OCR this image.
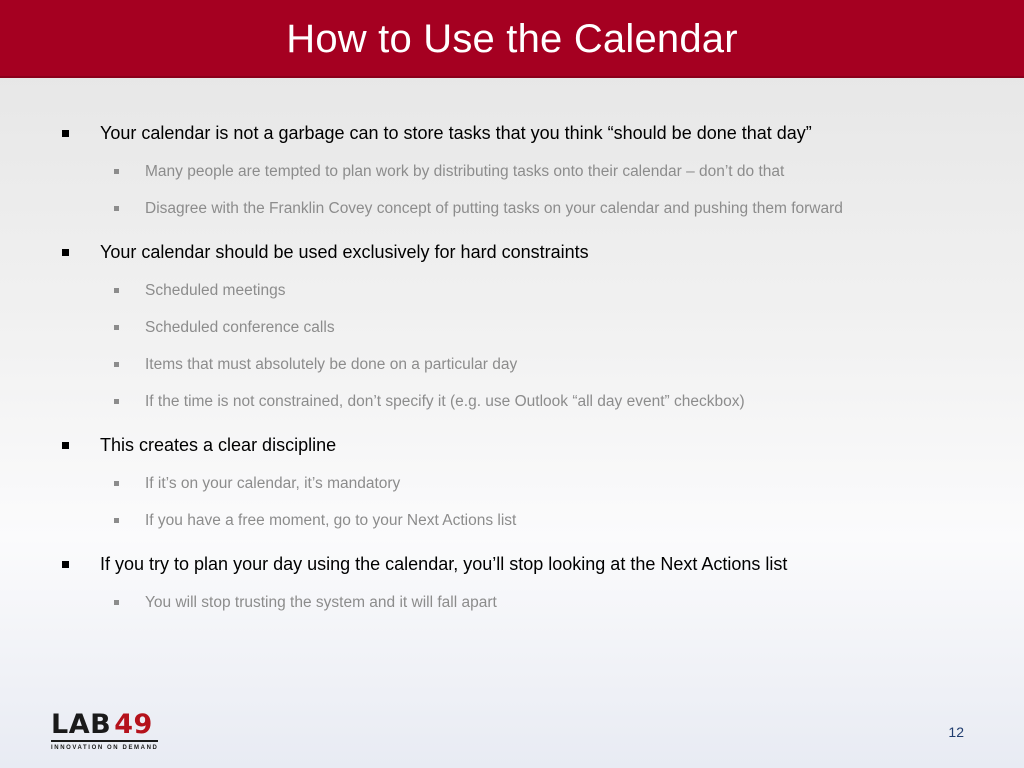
How to Use the Calendar
Your calendar is not a garbage can to store tasks that you think “should be done that day”
Many people are tempted to plan work by distributing tasks onto their calendar – don’t do that
Disagree with the Franklin Covey concept of putting tasks on your calendar and pushing them forward
Your calendar should be used exclusively for hard constraints
Scheduled meetings
Scheduled conference calls
Items that must absolutely be done on a particular day
If the time is not constrained, don’t specify it (e.g. use Outlook “all day event” checkbox)
This creates a clear discipline
If it’s on your calendar, it’s mandatory
If you have a free moment, go to your Next Actions list
If you try to plan your day using the calendar, you’ll stop looking at the Next Actions list
You will stop trusting the system and it will fall apart
LAB 49
INNOVATION ON DEMAND
12
